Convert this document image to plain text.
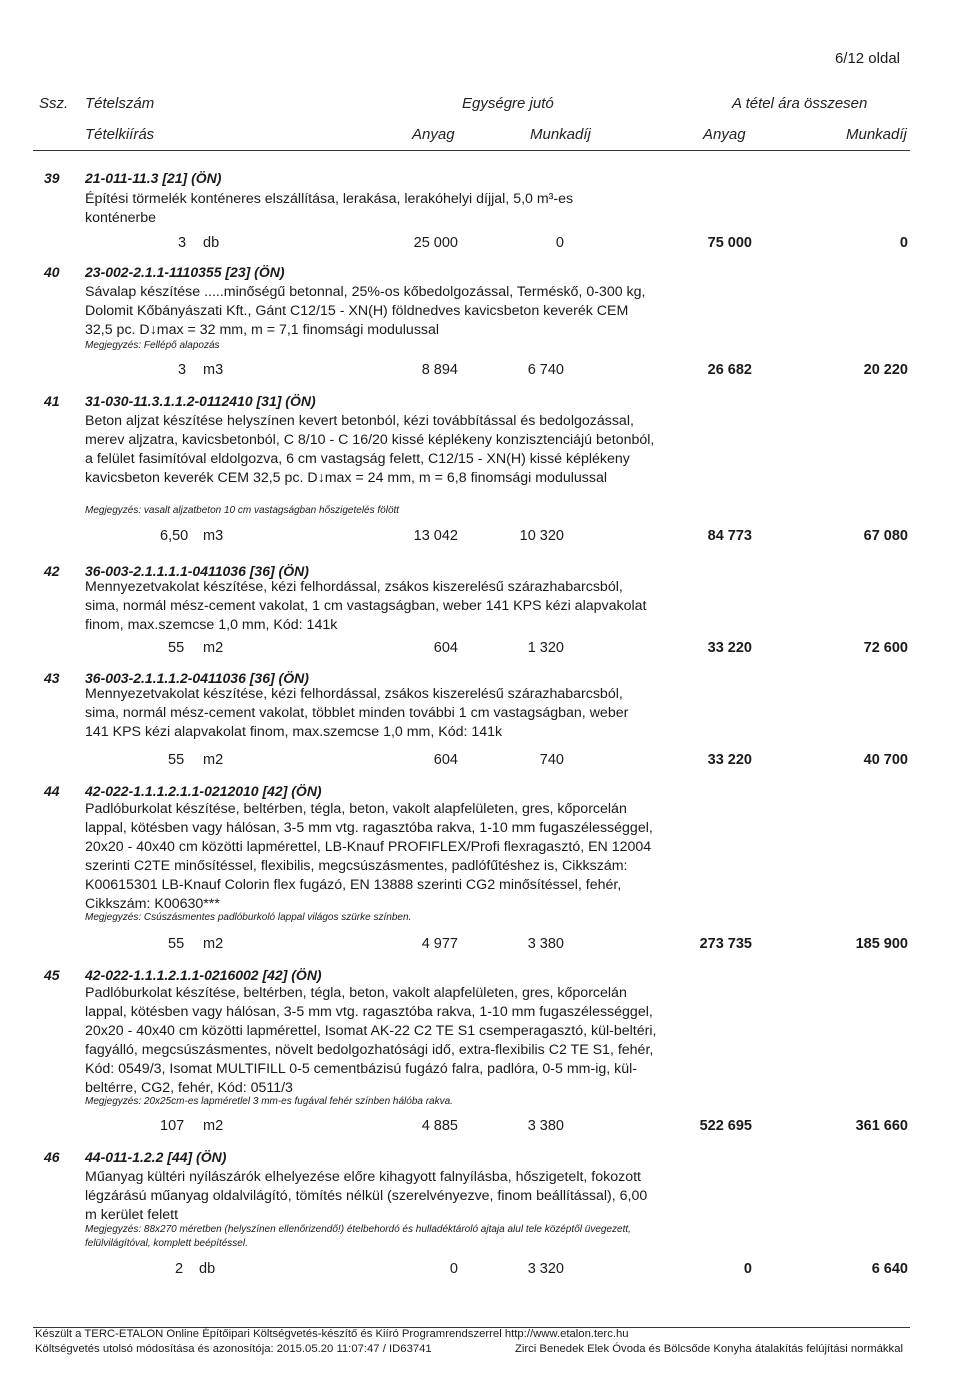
6/12 oldal
Ssz. Tételszám	Egységre jutó	A tétel ára összesen
Tételkiírás	Anyag	Munkadíj	Anyag	Munkadíj
39 21-011-11.3 [21] (ÖN)

Építési törmelék konténeres elszállítása, lerakása, lerakóhelyi díjjal, 5,0 m³-es konténerbe

3 db	25 000	0	75 000	0
40 23-002-2.1.1-1110355 [23] (ÖN)

Sávalap készítése .....minőségű betonnal, 25%-os kőbedolgozással, Terméskő, 0-300 kg, Dolomit Kőbányászati Kft., Gánt C12/15 - XN(H) földnedves kavicsbeton keverék CEM 32,5 pc. D↓max = 32 mm, m = 7,1 finomsági modulussal

Megjegyzés: Fellépő alapozás
3 m3	8 894	6 740	26 682	20 220
41 31-030-11.3.1.1.2-0112410 [31] (ÖN)

Beton aljzat készítése helyszínen kevert betonból, kézi továbbítással és bedolgozással, merev aljzatra, kavicsbetonból, C 8/10 - C 16/20 kissé képlékeny konzisztenciájú betonból, a felület fasimítóval eldolgozva, 6 cm vastagság felett, C12/15 - XN(H) kissé képlékeny kavicsbeton keverék CEM 32,5 pc. D↓max = 24 mm, m = 6,8 finomsági modulussal

Megjegyzés: vasalt aljzatbeton 10 cm vastagságban hőszigetelés fölött
6,50 m3	13 042	10 320	84 773	67 080
42 36-003-2.1.1.1.1-0411036 [36] (ÖN)

Mennyezetvakolat készítése, kézi felhordással, zsákos kiszerelésű szárazhabarcsból, sima, normál mész-cement vakolat, 1 cm vastagságban, weber 141 KPS kézi alapvakolat finom, max.szemcse 1,0 mm, Kód: 141k

55 m2	604	1 320	33 220	72 600
43 36-003-2.1.1.1.2-0411036 [36] (ÖN)

Mennyezetvakolat készítése, kézi felhordással, zsákos kiszerelésű szárazhabarcsból, sima, normál mész-cement vakolat, többlet minden további 1 cm vastagságban, weber 141 KPS kézi alapvakolat finom, max.szemcse 1,0 mm, Kód: 141k

55 m2	604	740	33 220	40 700
44 42-022-1.1.1.2.1.1-0212010 [42] (ÖN)

Padlóburkolat készítése, beltérben, tégla, beton, vakolt alapfelületen, gres, kőporcelán lappal, kötésben vagy hálósan, 3-5 mm vtg. ragasztóba rakva, 1-10 mm fugaszélességgel, 20x20 - 40x40 cm közötti lapmérettel, LB-Knauf PROFIFLEX/Profi flexragasztó, EN 12004 szerinti C2TE minősítéssel, flexibilis, megcsúszásmentes, padlófűtéshez is, Cikkszám: K00615301 LB-Knauf Colorin flex fugázó, EN 13888 szerinti CG2 minősítéssel, fehér, Cikkszám: K00630***

Megjegyzés: Csúszásmentes padlóburkoló lappal világos szürke színben.
55 m2	4 977	3 380	273 735	185 900
45 42-022-1.1.1.2.1.1-0216002 [42] (ÖN)

Padlóburkolat készítése, beltérben, tégla, beton, vakolt alapfelületen, gres, kőporcelán lappal, kötésben vagy hálósan, 3-5 mm vtg. ragasztóba rakva, 1-10 mm fugaszélességgel, 20x20 - 40x40 cm közötti lapmérettel, Isomat AK-22 C2 TE S1 csemperagasztó, kül-beltéri, fagyálló, megcsúszásmentes, növelt bedolgozhatósági idő, extra-flexibilis C2 TE S1, fehér, Kód: 0549/3, Isomat MULTIFILL 0-5 cementbázisú fugázó falra, padlóra, 0-5 mm-ig, kül-beltérre, CG2, fehér, Kód: 0511/3

Megjegyzés: 20x25cm-es lapméretlel 3 mm-es fugával fehér színben hálóba rakva.
107 m2	4 885	3 380	522 695	361 660
46 44-011-1.2.2 [44] (ÖN)

Műanyag kültéri nyílászárók elhelyezése előre kihagyott falnyílásba, hőszigetelt, fokozott légzárású műanyag oldalvilágító, tömítés nélkül (szerelvényezve, finom beállítással), 6,00 m kerület felett

Megjegyzés: 88x270 méretben (helyszínen ellenőrizendő!) ételbehordó és hulladéktároló ajtaja alul tele középtől üvegezett, felülvilágítóval, komplett beépítéssel.
2 db	0	3 320	0	6 640
Készült a TERC-ETALON Online Építőipari Költségvetés-készítő és Kiíró Programrendszerrel http://www.etalon.terc.hu
Költségvetés utolsó módosítása és azonosítója: 2015.05.20 11:07:47 / ID63741	Zirci Benedek Elek Óvoda és Bölcsőde Konyha átalakítás felújítási normákkal
